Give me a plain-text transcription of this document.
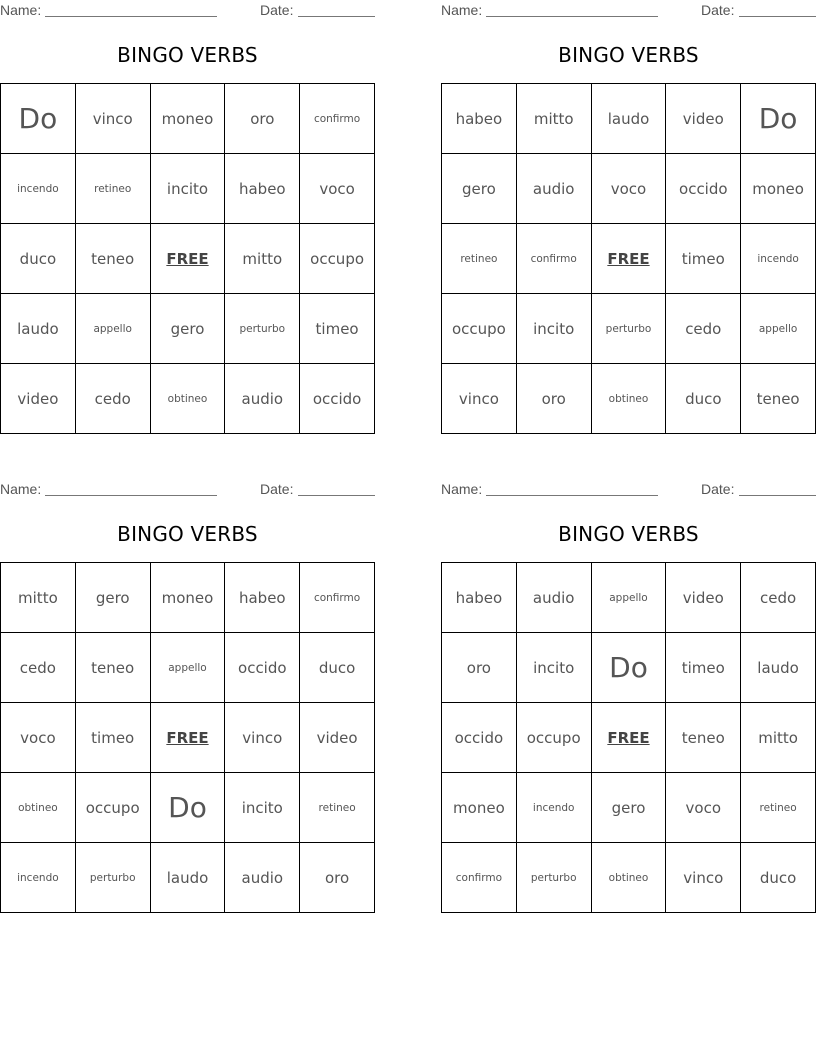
Name:	Date:
BINGO VERBS
Do	vinco	moneo	oro	confirmo
incendo	retineo	incito	habeo	voco
duco	teneo	FREE	mitto	occupo
laudo	appello	gero	perturbo	timeo
video	cedo	obtineo	audio	occido
Name:	Date:
BINGO VERBS
habeo	mitto	laudo	video	Do
gero	audio	voco	occido	moneo
retineo	confirmo	FREE	timeo	incendo
occupo	incito	perturbo	cedo	appello
vinco	oro	obtineo	duco	teneo
Name:	Date:
BINGO VERBS
mitto	gero	moneo	habeo	confirmo
cedo	teneo	appello	occido	duco
voco	timeo	FREE	vinco	video
obtineo	occupo	Do	incito	retineo
incendo	perturbo	laudo	audio	oro
Name:	Date:
BINGO VERBS
habeo	audio	appello	video	cedo
oro	incito	Do	timeo	laudo
occido	occupo	FREE	teneo	mitto
moneo	incendo	gero	voco	retineo
confirmo	perturbo	obtineo	vinco	duco
